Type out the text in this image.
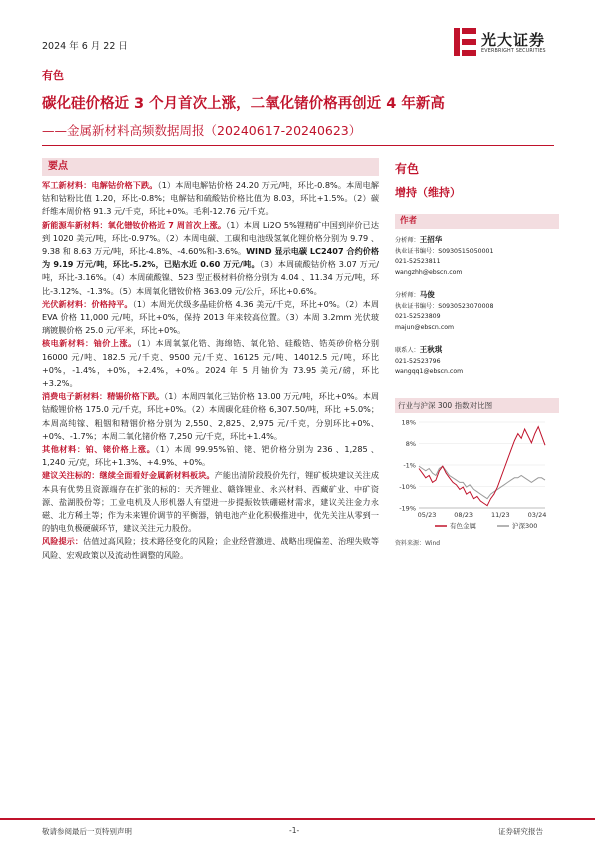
2024 年 6 月 22 日	光大证券
EVERBRIGHT SECURITIES
有色
碳化硅价格近 3 个月首次上涨，二氧化锗价格再创近 4 年新高
——金属新材料高频数据周报（20240617-20240623）
要点

军工新材料：电解钴价格下跌。（1）本周电解钴价格 24.20 万元/吨，环比-0.8%。本周电解钴和钴粉比值 1.20，环比-0.8%；电解钴和硫酸钴价格比值为 8.03，环比+1.5%。（2）碳纤维本周价格 91.3 元/千克，环比+0%。毛利-12.76 元/千克。

新能源车新材料：氧化镨钕价格近 7 周首次上涨。（1）本周 Li2O 5%锂精矿中国到岸价已达到 1020 美元/吨，环比-0.97%。（2）本周电碳、工碳和电池级氢氧化锂价格分别为 9.79 、9.38 和 8.63 万元/吨，环比-4.8%、-4.60%和-3.6%。WIND 显示电碳 LC2407 合约价格为 9.19 万元/吨，环比-5.2%，已贴水近 0.60 万元/吨。（3）本周硫酸钴价格 3.07 万元/吨，环比-3.16%。（4）本周硫酸镍、523 型正极材料价格分别为 4.04 、11.34 万元/吨，环比-3.12%、-1.3%。（5）本周氧化镨钕价格 363.09 元/公斤，环比+0.6%。

光伏新材料：价格持平。（1）本周光伏级多晶硅价格 4.36 美元/千克，环比+0%。（2）本周 EVA 价格 11,000 元/吨，环比+0%，保持 2013 年来较高位置。（3）本周 3.2mm 光伏玻璃镀膜价格 25.0 元/平米，环比+0%。

核电新材料：铀价上涨。（1）本周氧氯化锆、海绵锆、氧化铪、硅酸锆、锆英砂价格分别 16000 元/吨、182.5 元/千克、9500 元/千克、16125 元/吨、14012.5 元/吨，环比+0%，-1.4%，+0%，+2.4%，+0%。2024 年 5 月铀价为 73.95 美元/磅，环比+3.2%。

消费电子新材料：精锡价格下跌。（1）本周四氧化三钴价格 13.00 万元/吨，环比+0%。本周钴酸锂价格 175.0 元/千克，环比+0%。（2）本周碳化硅价格 6,307.50/吨，环比 +5.0%；本周高纯镓、粗铟和精铟价格分别为 2,550、2,825、2,975 元/千克，分别环比+0%、+0%、-1.7%；本周二氧化锗价格 7,250 元/千克，环比+1.4%。

其他材料：铂、铑价格上涨。（1）本周 99.95%铂、铑、钯价格分别为 236 、1,285 、1,240 元/克，环比+1.3%、+4.9%、+0%。

建议关注标的：继续全面看好金属新材料板块。产能出清阶段股价先行，锂矿板块建议关注成本具有优势且资源端存在扩张的标的：天齐锂业、赣锋锂业、永兴材料、西藏矿业、中矿资源、盐湖股份等；工业电机及人形机器人有望进一步提振钕铁硼磁材需求，建议关注金力永磁、北方稀土等；作为未来锂价调节的平衡器，钠电池产业化积极推进中，优先关注从零到一的钠电负极硬碳环节，建议关注元力股份。

风险提示：估值过高风险；技术路径变化的风险；企业经营激进、战略出现偏差、治理失败等风险、宏观政策以及流动性调整的风险。

有色
增持（维持）
作者
分析师：王招华
执业证书编号：S0930515050001
021-52523811
wangzhh@ebscn.com
分析师：马俊
执业证书编号：S0930523070008
021-52523809
majun@ebscn.com
联系人：王秋琪
021-52523796
wangqq1@ebscn.com
行业与沪深 300 指数对比图
18%
8%
-1%
-10%
-19%
05/23	08/23	11/23	03/24
有色金属	沪深300
资料来源：Wind
敬请参阅最后一页特别声明	-1-	证券研究报告
